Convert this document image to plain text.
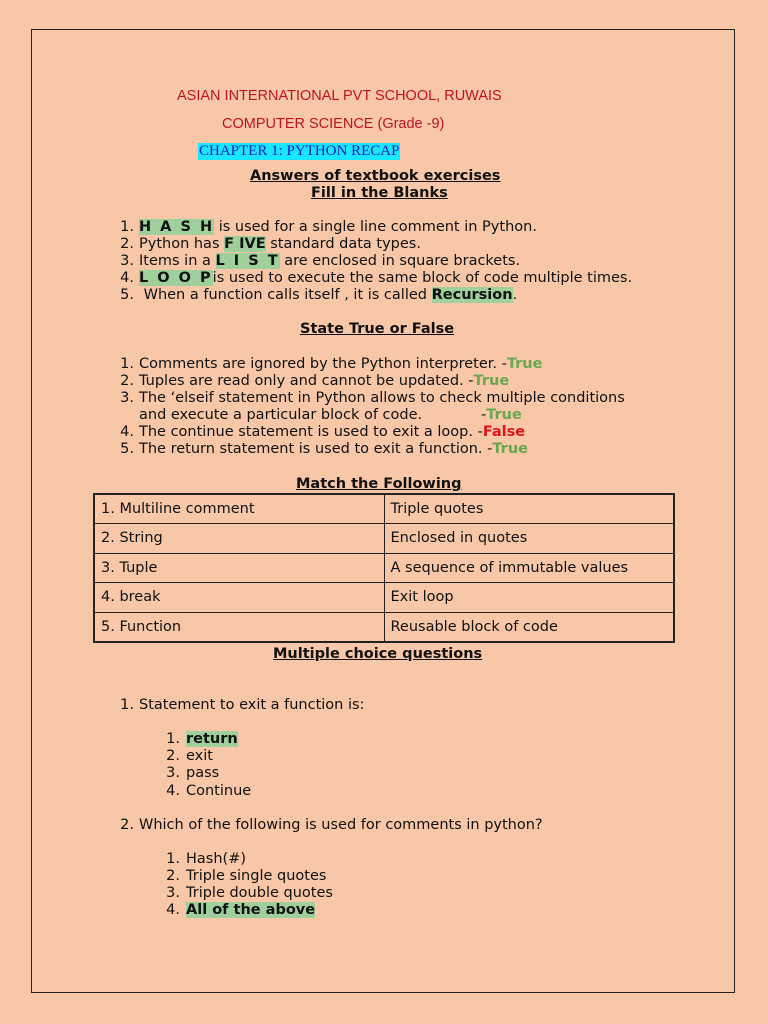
ASIAN INTERNATIONAL PVT SCHOOL, RUWAIS
COMPUTER SCIENCE (Grade -9)
CHAPTER 1: PYTHON RECAP
Answers of textbook exercises
Fill in the Blanks
1. H A S H is used for a single line comment in Python.
2. Python has F IVE standard data types.
3. Items in a L I S T are enclosed in square brackets.
4. L O O Pis used to execute the same block of code multiple times.
5. When a function calls itself , it is called Recursion.
State True or False
1. Comments are ignored by the Python interpreter. -True
2. Tuples are read only and cannot be updated. -True
3. The ‘elseif statement in Python allows to check multiple conditions
and execute a particular block of code.	-True
4. The continue statement is used to exit a loop. -False
5. The return statement is used to exit a function. -True
Match the Following
1. Multiline comment	Triple quotes
2. String	Enclosed in quotes
3. Tuple	A sequence of immutable values
4. break	Exit loop
5. Function	Reusable block of code
Multiple choice questions
1. Statement to exit a function is:
1. return
2. exit
3. pass
4. Continue
2. Which of the following is used for comments in python?
1. Hash(#)
2. Triple single quotes
3. Triple double quotes
4. All of the above
